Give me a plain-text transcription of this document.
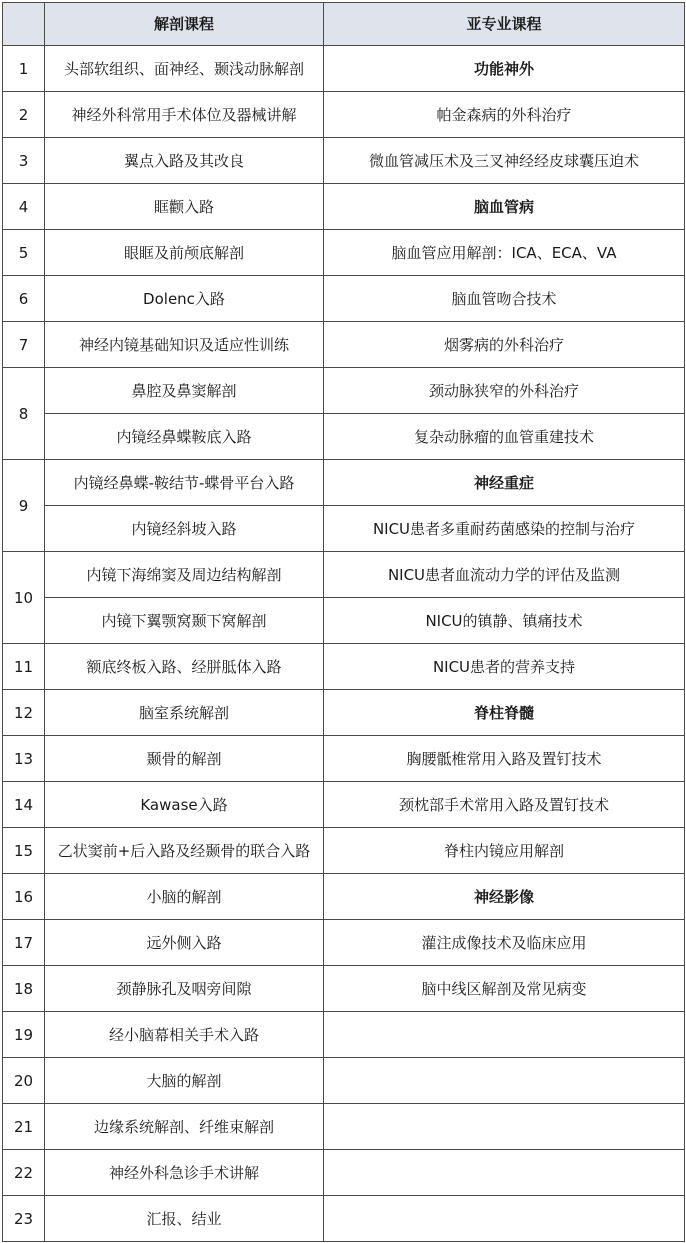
	解剖课程	亚专业课程
1	头部软组织、面神经、颞浅动脉解剖	功能神外
2	神经外科常用手术体位及器械讲解	帕金森病的外科治疗
3	翼点入路及其改良	微血管减压术及三叉神经经皮球囊压迫术
4	眶颧入路	脑血管病
5	眼眶及前颅底解剖	脑血管应用解剖：ICA、ECA、VA
6	Dolenc入路	脑血管吻合技术
7	神经内镜基础知识及适应性训练	烟雾病的外科治疗
8	鼻腔及鼻窦解剖	颈动脉狭窄的外科治疗
	内镜经鼻蝶鞍底入路	复杂动脉瘤的血管重建技术
9	内镜经鼻蝶-鞍结节-蝶骨平台入路	神经重症
	内镜经斜坡入路	NICU患者多重耐药菌感染的控制与治疗
10	内镜下海绵窦及周边结构解剖	NICU患者血流动力学的评估及监测
	内镜下翼颚窝颞下窝解剖	NICU的镇静、镇痛技术
11	额底终板入路、经胼胝体入路	NICU患者的营养支持
12	脑室系统解剖	脊柱脊髓
13	颞骨的解剖	胸腰骶椎常用入路及置钉技术
14	Kawase入路	颈枕部手术常用入路及置钉技术
15	乙状窦前+后入路及经颞骨的联合入路	脊柱内镜应用解剖
16	小脑的解剖	神经影像
17	远外侧入路	灌注成像技术及临床应用
18	颈静脉孔及咽旁间隙	脑中线区解剖及常见病变
19	经小脑幕相关手术入路	
20	大脑的解剖	
21	边缘系统解剖、纤维束解剖	
22	神经外科急诊手术讲解	
23	汇报、结业	
